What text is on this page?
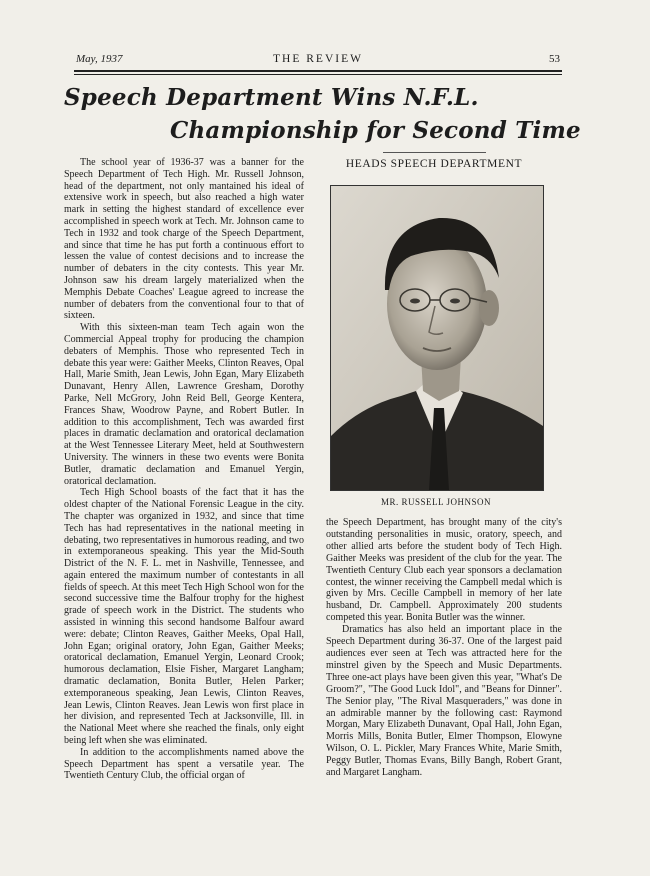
May, 1937	THE REVIEW	53
Speech Department Wins N.F.L.
Championship for Second Time

The school year of 1936-37 was a banner for the Speech Department of Tech High. Mr. Russell Johnson, head of the department, not only mantained his ideal of extensive work in speech, but also reached a high water mark in setting the highest standard of excellence ever accomplished in speech work at Tech. Mr. Johnson came to Tech in 1932 and took charge of the Speech Department, and since that time he has put forth a continuous effort to lessen the value of contest decisions and to increase the number of debaters in the city contests. This year Mr. Johnson saw his dream largely materialized when the Memphis Debate Coaches' League agreed to increase the number of debaters from the conventional four to that of sixteen.

With this sixteen-man team Tech again won the Commercial Appeal trophy for producing the champion debaters of Memphis. Those who represented Tech in debate this year were: Gaither Meeks, Clinton Reaves, Opal Hall, Marie Smith, Jean Lewis, John Egan, Mary Elizabeth Dunavant, Henry Allen, Lawrence Gresham, Dorothy Parke, Nell McGrory, John Reid Bell, George Kentera, Frances Shaw, Woodrow Payne, and Robert Butler. In addition to this accomplishment, Tech was awarded first places in dramatic declamation and oratorical declamation at the West Tennessee Literary Meet, held at Southwestern University. The winners in these two events were Bonita Butler, dramatic declamation and Emanuel Yergin, oratorical declamation.

Tech High School boasts of the fact that it has the oldest chapter of the National Forensic League in the city. The chapter was organized in 1932, and since that time Tech has had representatives in the national meeting in debating, two representatives in humorous reading, and two in extemporaneous speaking. This year the Mid-South District of the N. F. L. met in Nashville, Tennessee, and again entered the maximum number of contestants in all fields of speech. At this meet Tech High School won for the second successive time the Balfour trophy for the highest grade of speech work in the District. The students who assisted in winning this second handsome Balfour award were: debate; Clinton Reaves, Gaither Meeks, Opal Hall, John Egan; original oratory, John Egan, Gaither Meeks; oratorical declamation, Emanuel Yergin, Leonard Crook; humorous declamation, Elsie Fisher, Margaret Langham; dramatic declamation, Bonita Butler, Helen Parker; extemporaneous speaking, Jean Lewis, Clinton Reaves, Jean Lewis, Clinton Reaves. Jean Lewis won first place in her division, and represented Tech at Jacksonville, Ill. in the National Meet where she reached the finals, only eight being left when she was eliminated.

In addition to the accomplishments named above the Speech Department has spent a versatile year. The Twentieth Century Club, the official organ of

HEADS SPEECH DEPARTMENT
MR. RUSSELL JOHNSON

the Speech Department, has brought many of the city's outstanding personalities in music, oratory, speech, and other allied arts before the student body of Tech High. Gaither Meeks was president of the club for the year. The Twentieth Century Club each year sponsors a declamation contest, the winner receiving the Campbell medal which is given by Mrs. Cecille Campbell in memory of her late husband, Dr. Campbell. Approximately 200 students competed this year. Bonita Butler was the winner.

Dramatics has also held an important place in the Speech Department during 36-37. One of the largest paid audiences ever seen at Tech was attracted here for the minstrel given by the Speech and Music Departments. Three one-act plays have been given this year, "What's De Groom?", "The Good Luck Idol", and "Beans for Dinner". The Senior play, "The Rival Masqueraders," was done in an admirable manner by the following cast: Raymond Morgan, Mary Elizabeth Dunavant, Opal Hall, John Egan, Morris Mills, Bonita Butler, Elmer Thompson, Elowyne Wilson, O. L. Pickler, Mary Frances White, Marie Smith, Peggy Butler, Thomas Evans, Billy Bangh, Robert Grant, and Margaret Langham.
